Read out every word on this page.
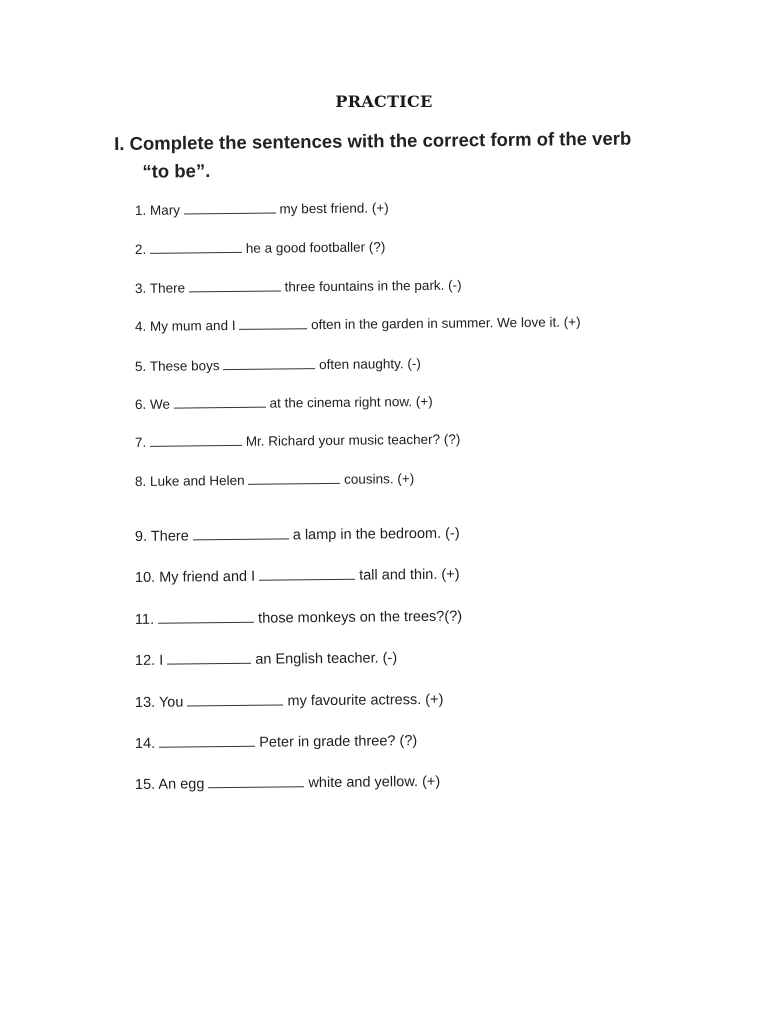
PRACTICE
I. Complete the sentences with the correct form of the verb
“to be”.
1. Mary	my best friend. (+)
2.	he a good footballer (?)
3. There	three fountains in the park. (-)
4. My mum and I	often in the garden in summer. We love it. (+)
5. These boys	often naughty. (-)
6. We	at the cinema right now. (+)
7.	Mr. Richard your music teacher? (?)
8. Luke and Helen	cousins. (+)
9. There	a lamp in the bedroom. (-)
10. My friend and I	tall and thin. (+)
11.	those monkeys on the trees?(?)
12. I	an English teacher. (-)
13. You	my favourite actress. (+)
14.	Peter in grade three? (?)
15. An egg	white and yellow. (+)
